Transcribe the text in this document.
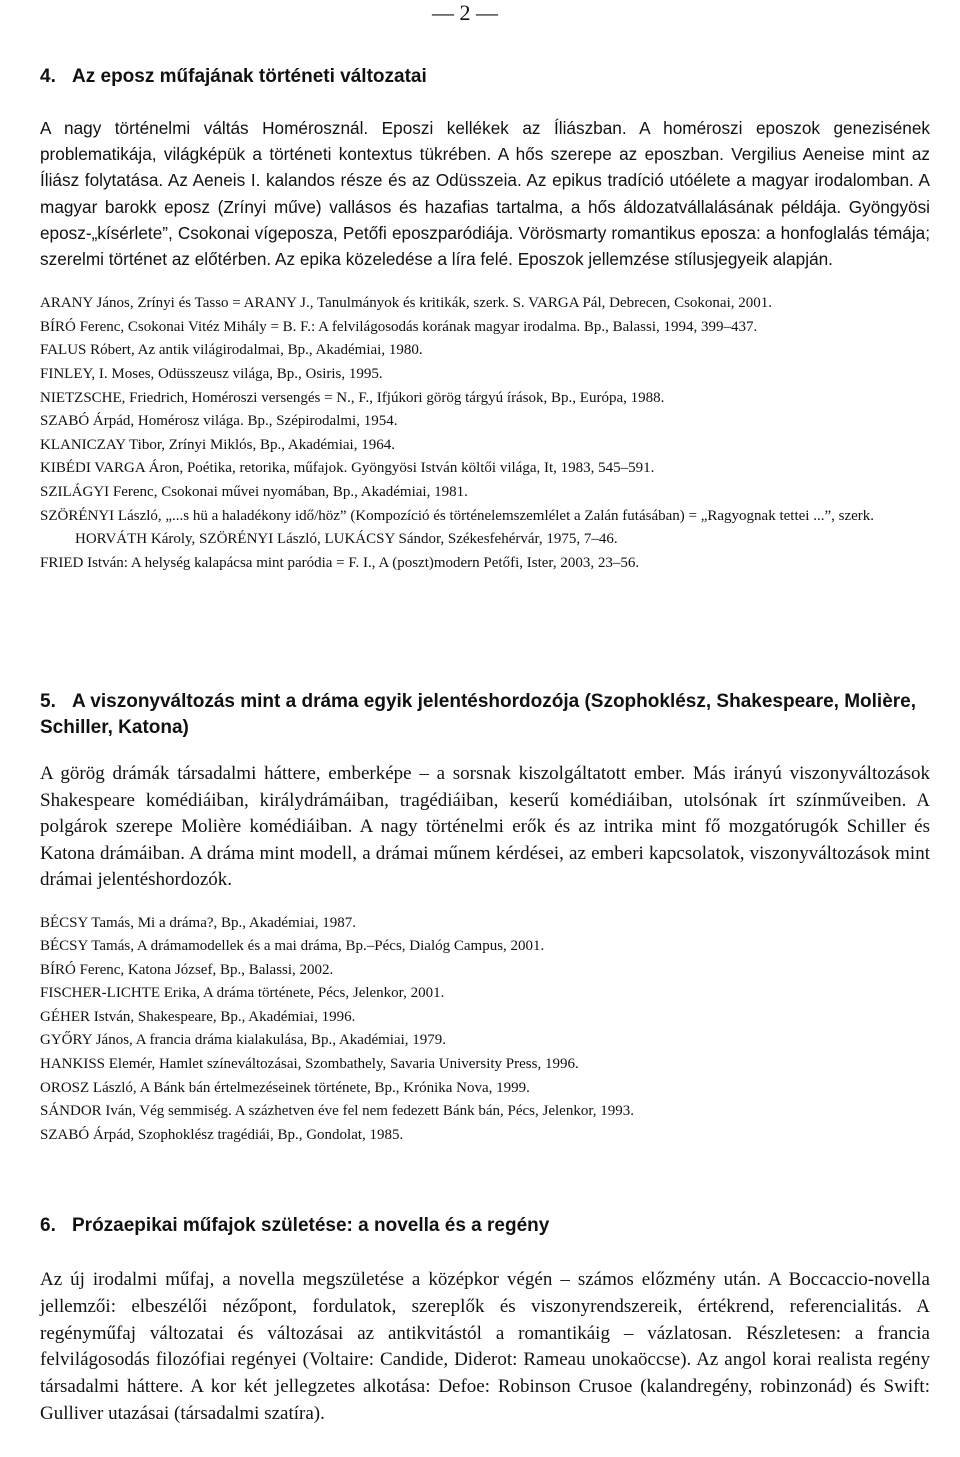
— 2 —
4. Az eposz műfajának történeti változatai

A nagy történelmi váltás Homérosznál. Eposzi kellékek az Íliászban. A homéroszi eposzok genezisének problematikája, világképük a történeti kontextus tükrében. A hős szerepe az eposzban. Vergilius Aeneise mint az Íliász folytatása. Az Aeneis I. kalandos része és az Odüsszeia. Az epikus tradíció utóélete a magyar irodalomban. A magyar barokk eposz (Zrínyi műve) vallásos és hazafias tartalma, a hős áldozatvállalásának példája. Gyöngyösi eposz-„kísérlete”, Csokonai vígeposza, Petőfi eposzparódiája. Vörösmarty romantikus eposza: a honfoglalás témája; szerelmi történet az előtérben. Az epika közeledése a líra felé. Eposzok jellemzése stílusjegyeik alapján.

ARANY János, Zrínyi és Tasso = ARANY J., Tanulmányok és kritikák, szerk. S. VARGA Pál, Debrecen, Csokonai, 2001.
BÍRÓ Ferenc, Csokonai Vitéz Mihály = B. F.: A felvilágosodás korának magyar irodalma. Bp., Balassi, 1994, 399–437.
FALUS Róbert, Az antik világirodalmai, Bp., Akadémiai, 1980.
FINLEY, I. Moses, Odüsszeusz világa, Bp., Osiris, 1995.
NIETZSCHE, Friedrich, Homéroszi versengés = N., F., Ifjúkori görög tárgyú írások, Bp., Európa, 1988.
SZABÓ Árpád, Homérosz világa. Bp., Szépirodalmi, 1954.
KLANICZAY Tibor, Zrínyi Miklós, Bp., Akadémiai, 1964.
KIBÉDI VARGA Áron, Poétika, retorika, műfajok. Gyöngyösi István költői világa, It, 1983, 545–591.
SZILÁGYI Ferenc, Csokonai művei nyomában, Bp., Akadémiai, 1981.
SZÖRÉNYI László, „...s hü a haladékony idő/höz” (Kompozíció és történelemszemlélet a Zalán futásában) = „Ragyognak tettei ...”, szerk. HORVÁTH Károly, SZÖRÉNYI László, LUKÁCSY Sándor, Székesfehérvár, 1975, 7–46.
FRIED István: A helység kalapácsa mint paródia = F. I., A (poszt)modern Petőfi, Ister, 2003, 23–56.
5. A viszonyváltozás mint a dráma egyik jelentéshordozója (Szophoklész, Shakespeare, Molière, Schiller, Katona)

A görög drámák társadalmi háttere, emberképe – a sorsnak kiszolgáltatott ember. Más irányú viszonyváltozások Shakespeare komédiáiban, királydrámáiban, tragédiáiban, keserű komédiáiban, utolsónak írt színműveiben. A polgárok szerepe Molière komédiáiban. A nagy történelmi erők és az intrika mint fő mozgatórugók Schiller és Katona drámáiban. A dráma mint modell, a drámai műnem kérdései, az emberi kapcsolatok, viszonyváltozások mint drámai jelentéshordozók.

BÉCSY Tamás, Mi a dráma?, Bp., Akadémiai, 1987.
BÉCSY Tamás, A drámamodellek és a mai dráma, Bp.–Pécs, Dialóg Campus, 2001.
BÍRÓ Ferenc, Katona József, Bp., Balassi, 2002.
FISCHER-LICHTE Erika, A dráma története, Pécs, Jelenkor, 2001.
GÉHER István, Shakespeare, Bp., Akadémiai, 1996.
GYŐRY János, A francia dráma kialakulása, Bp., Akadémiai, 1979.
HANKISS Elemér, Hamlet színeváltozásai, Szombathely, Savaria University Press, 1996.
OROSZ László, A Bánk bán értelmezéseinek története, Bp., Krónika Nova, 1999.
SÁNDOR Iván, Vég semmiség. A százhetven éve fel nem fedezett Bánk bán, Pécs, Jelenkor, 1993.
SZABÓ Árpád, Szophoklész tragédiái, Bp., Gondolat, 1985.
6. Prózaepikai műfajok születése: a novella és a regény

Az új irodalmi műfaj, a novella megszületése a középkor végén – számos előzmény után. A Boccaccio-novella jellemzői: elbeszélői nézőpont, fordulatok, szereplők és viszonyrendszereik, értékrend, referencialitás. A regényműfaj változatai és változásai az antikvitástól a romantikáig – vázlatosan. Részletesen: a francia felvilágosodás filozófiai regényei (Voltaire: Candide, Diderot: Rameau unokaöccse). Az angol korai realista regény társadalmi háttere. A kor két jellegzetes alkotása: Defoe: Robinson Crusoe (kalandregény, robinzonád) és Swift: Gulliver utazásai (társadalmi szatíra).
